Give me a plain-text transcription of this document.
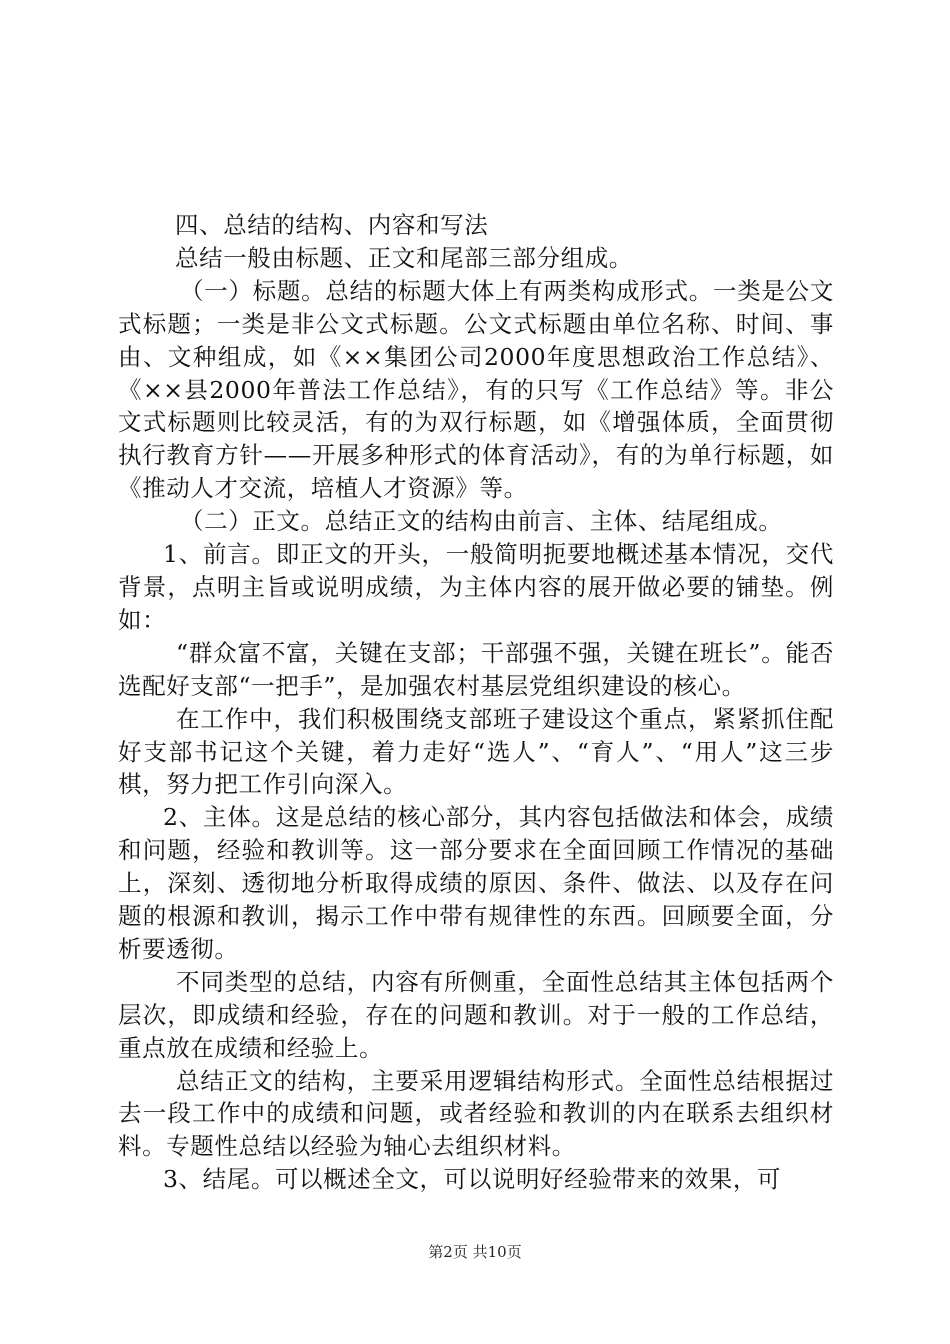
四、总结的结构、内容和写法

总结一般由标题、正文和尾部三部分组成。

（一）标题。总结的标题大体上有两类构成形式。一类是公文式标题；一类是非公文式标题。公文式标题由单位名称、时间、事由、文种组成，如《××集团公司2000年度思想政治工作总结》、《××县2000年普法工作总结》，有的只写《工作总结》等。非公文式标题则比较灵活，有的为双行标题，如《增强体质，全面贯彻执行教育方针——开展多种形式的体育活动》，有的为单行标题，如《推动人才交流，培植人才资源》等。

（二）正文。总结正文的结构由前言、主体、结尾组成。

1、前言。即正文的开头，一般简明扼要地概述基本情况，交代背景，点明主旨或说明成绩，为主体内容的展开做必要的铺垫。例如：

“群众富不富，关键在支部；干部强不强，关键在班长”。能否选配好支部“一把手”，是加强农村基层党组织建设的核心。

在工作中，我们积极围绕支部班子建设这个重点，紧紧抓住配好支部书记这个关键，着力走好“选人”、“育人”、“用人”这三步棋，努力把工作引向深入。

2、主体。这是总结的核心部分，其内容包括做法和体会，成绩和问题，经验和教训等。这一部分要求在全面回顾工作情况的基础上，深刻、透彻地分析取得成绩的原因、条件、做法、以及存在问题的根源和教训，揭示工作中带有规律性的东西。回顾要全面，分析要透彻。

不同类型的总结，内容有所侧重，全面性总结其主体包括两个层次，即成绩和经验，存在的问题和教训。对于一般的工作总结，重点放在成绩和经验上。

总结正文的结构，主要采用逻辑结构形式。全面性总结根据过去一段工作中的成绩和问题，或者经验和教训的内在联系去组织材料。专题性总结以经验为轴心去组织材料。

3、结尾。可以概述全文，可以说明好经验带来的效果，可

第2页 共10页
